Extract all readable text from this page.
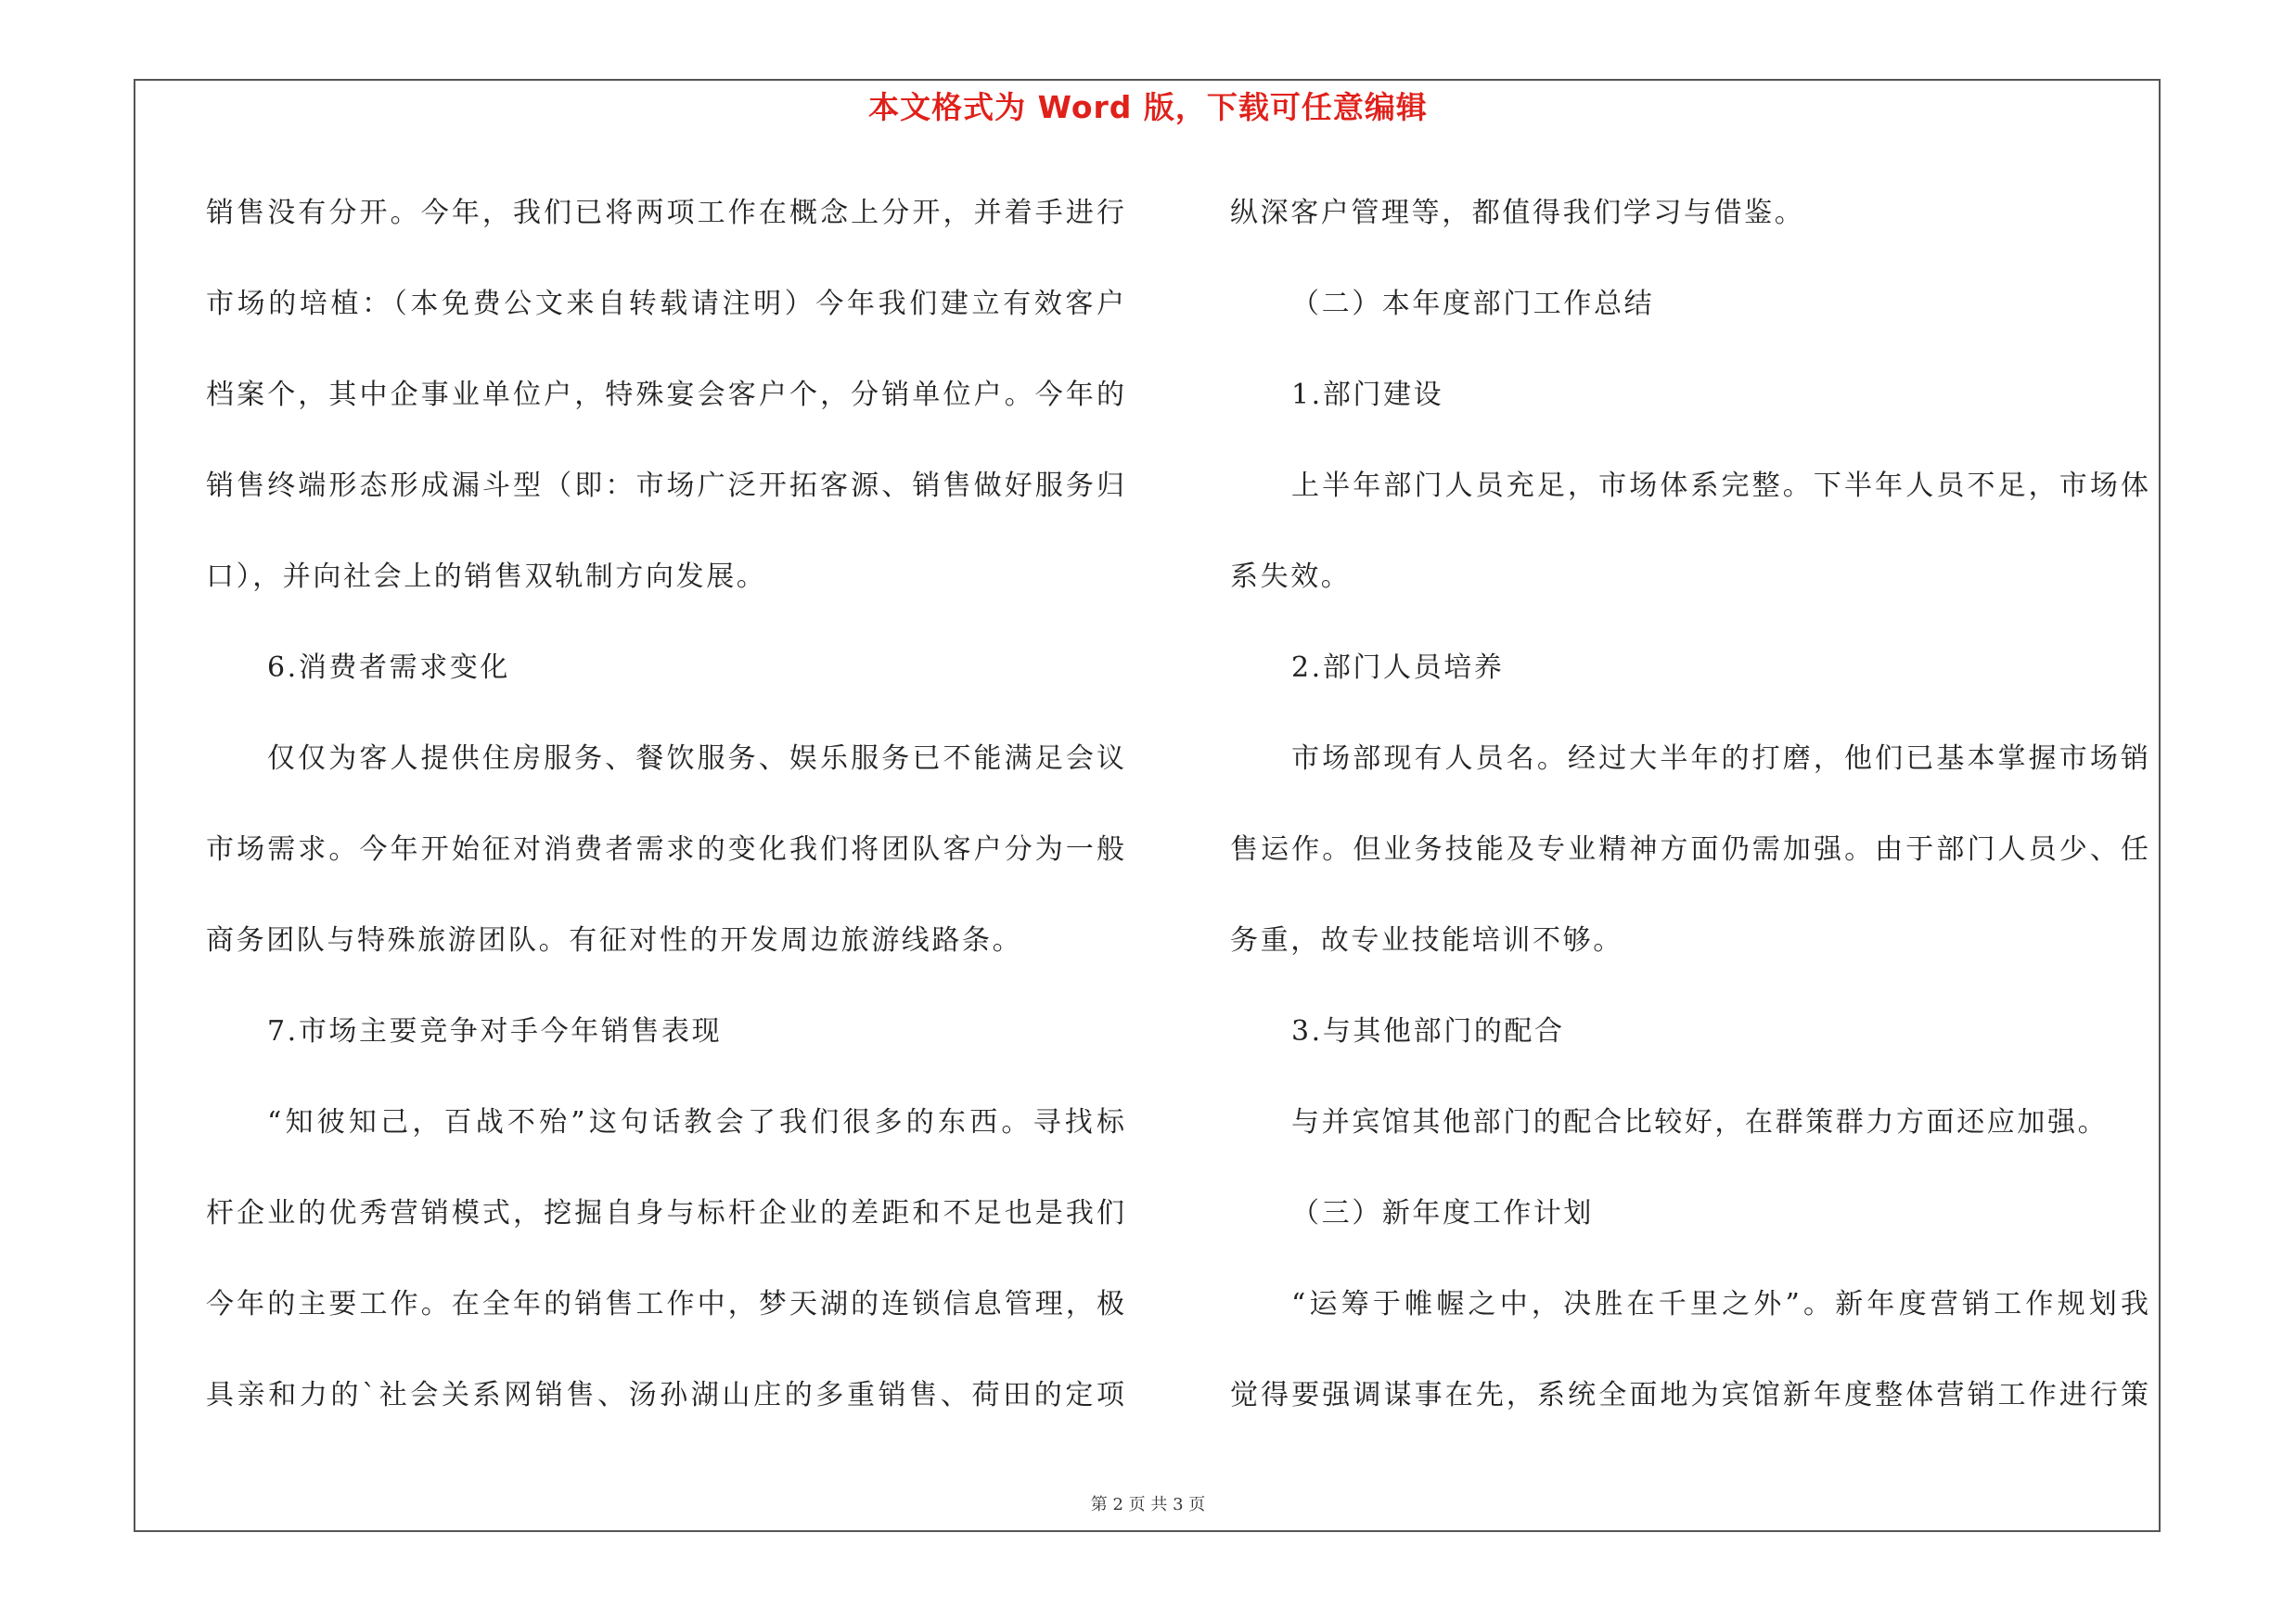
本文格式为 Word 版，下载可任意编辑
销售没有分开。今年，我们已将两项工作在概念上分开，并着手进行
市场的培植：（本免费公文来自转载请注明）今年我们建立有效客户
档案个，其中企事业单位户，特殊宴会客户个，分销单位户。今年的
销售终端形态形成漏斗型（即：市场广泛开拓客源、销售做好服务归
口），并向社会上的销售双轨制方向发展。
6.消费者需求变化
仅仅为客人提供住房服务、餐饮服务、娱乐服务已不能满足会议
市场需求。今年开始征对消费者需求的变化我们将团队客户分为一般
商务团队与特殊旅游团队。有征对性的开发周边旅游线路条。
7.市场主要竞争对手今年销售表现
“知彼知己，百战不殆”这句话教会了我们很多的东西。寻找标
杆企业的优秀营销模式，挖掘自身与标杆企业的差距和不足也是我们
今年的主要工作。在全年的销售工作中，梦天湖的连锁信息管理，极
具亲和力的`社会关系网销售、汤孙湖山庄的多重销售、荷田的定项
纵深客户管理等，都值得我们学习与借鉴。
（二）本年度部门工作总结
1.部门建设
上半年部门人员充足，市场体系完整。下半年人员不足，市场体
系失效。
2.部门人员培养
市场部现有人员名。经过大半年的打磨，他们已基本掌握市场销
售运作。但业务技能及专业精神方面仍需加强。由于部门人员少、任
务重，故专业技能培训不够。
3.与其他部门的配合
与并宾馆其他部门的配合比较好，在群策群力方面还应加强。
（三）新年度工作计划
“运筹于帷幄之中，决胜在千里之外”。新年度营销工作规划我
觉得要强调谋事在先，系统全面地为宾馆新年度整体营销工作进行策
第 2 页 共 3 页
